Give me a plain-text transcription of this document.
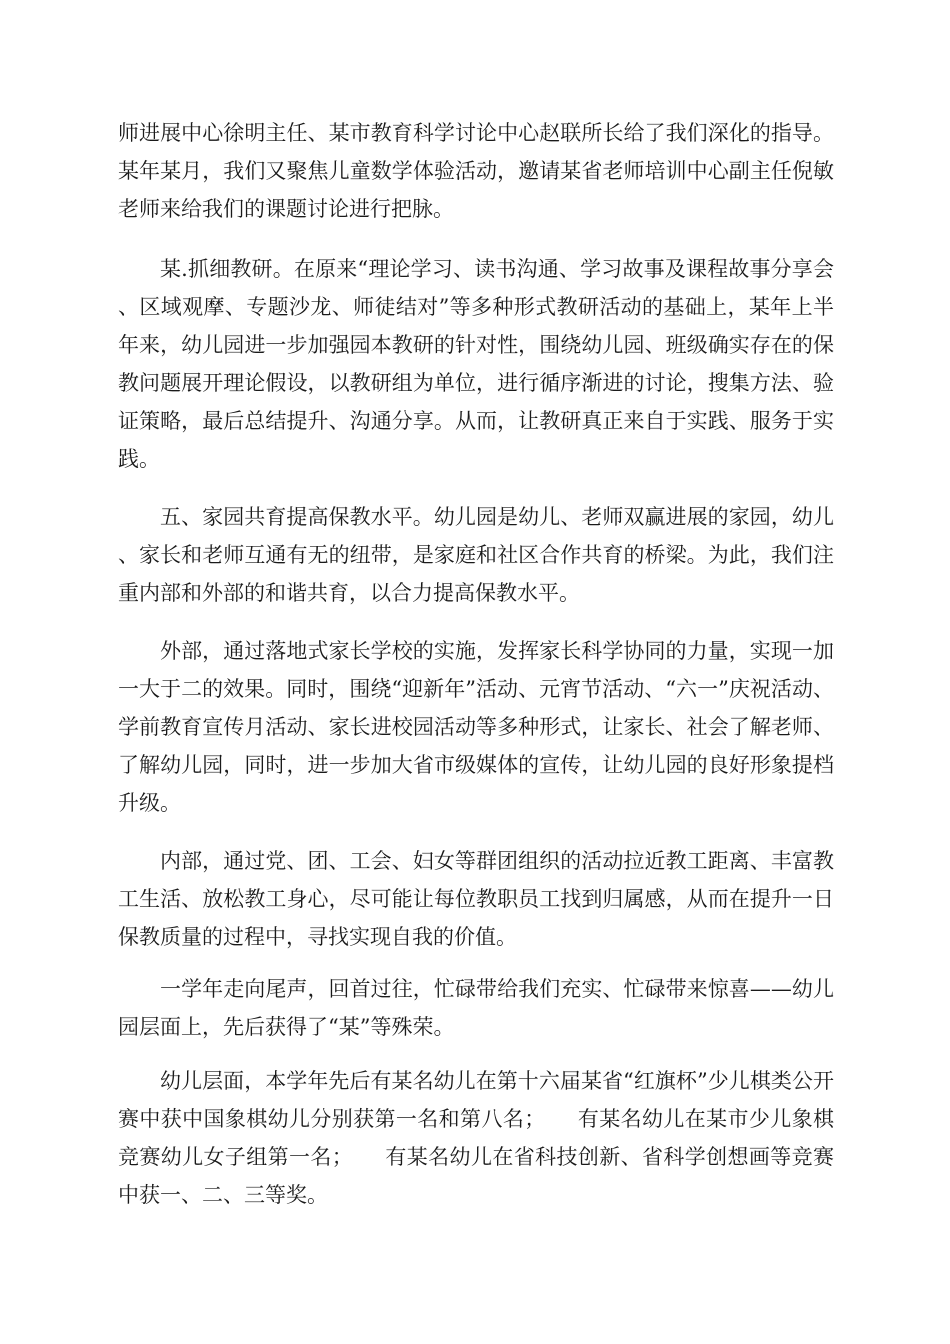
师进展中心徐明主任、某市教育科学讨论中心赵联所长给了我们深化的指导。某年某月，我们又聚焦儿童数学体验活动，邀请某省老师培训中心副主任倪敏老师来给我们的课题讨论进行把脉。

某.抓细教研。在原来“理论学习、读书沟通、学习故事及课程故事分享会、区域观摩、专题沙龙、师徒结对”等多种形式教研活动的基础上，某年上半年来，幼儿园进一步加强园本教研的针对性，围绕幼儿园、班级确实存在的保教问题展开理论假设，以教研组为单位，进行循序渐进的讨论，搜集方法、验证策略，最后总结提升、沟通分享。从而，让教研真正来自于实践、服务于实践。

五、家园共育提高保教水平。幼儿园是幼儿、老师双赢进展的家园，幼儿、家长和老师互通有无的纽带，是家庭和社区合作共育的桥梁。为此，我们注重内部和外部的和谐共育，以合力提高保教水平。

外部，通过落地式家长学校的实施，发挥家长科学协同的力量，实现一加一大于二的效果。同时，围绕“迎新年”活动、元宵节活动、“六一”庆祝活动、学前教育宣传月活动、家长进校园活动等多种形式，让家长、社会了解老师、了解幼儿园，同时，进一步加大省市级媒体的宣传，让幼儿园的良好形象提档升级。

内部，通过党、团、工会、妇女等群团组织的活动拉近教工距离、丰富教工生活、放松教工身心，尽可能让每位教职员工找到归属感，从而在提升一日保教质量的过程中，寻找实现自我的价值。

一学年走向尾声，回首过往，忙碌带给我们充实、忙碌带来惊喜——幼儿园层面上，先后获得了“某”等殊荣。

幼儿层面，本学年先后有某名幼儿在第十六届某省“红旗杯”少儿棋类公开赛中获中国象棋幼儿分别获第一名和第八名；　　有某名幼儿在某市少儿象棋竞赛幼儿女子组第一名；　　有某名幼儿在省科技创新、省科学创想画等竞赛中获一、二、三等奖。
